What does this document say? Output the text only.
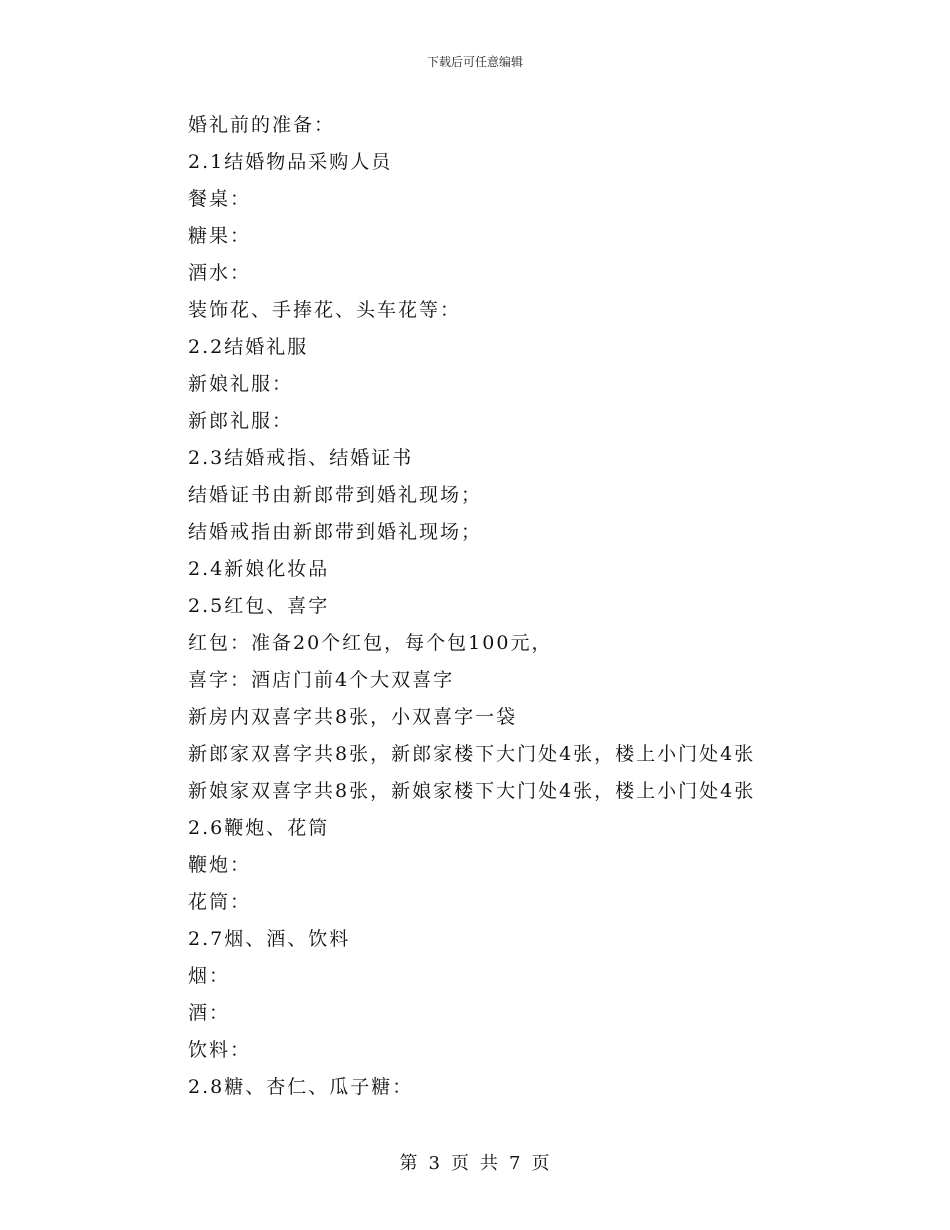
下载后可任意编辑
婚礼前的准备：
2.1结婚物品采购人员
餐桌：
糖果：
酒水：
装饰花、手捧花、头车花等：
2.2结婚礼服
新娘礼服：
新郎礼服：
2.3结婚戒指、结婚证书
结婚证书由新郎带到婚礼现场；
结婚戒指由新郎带到婚礼现场；
2.4新娘化妆品
2.5红包、喜字
红包：准备20个红包，每个包100元，
喜字：酒店门前4个大双喜字
新房内双喜字共8张，小双喜字一袋
新郎家双喜字共8张，新郎家楼下大门处4张，楼上小门处4张
新娘家双喜字共8张，新娘家楼下大门处4张，楼上小门处4张
2.6鞭炮、花筒
鞭炮：
花筒：
2.7烟、酒、饮料
烟：
酒：
饮料：
2.8糖、杏仁、瓜子糖：
第 3 页 共 7 页
